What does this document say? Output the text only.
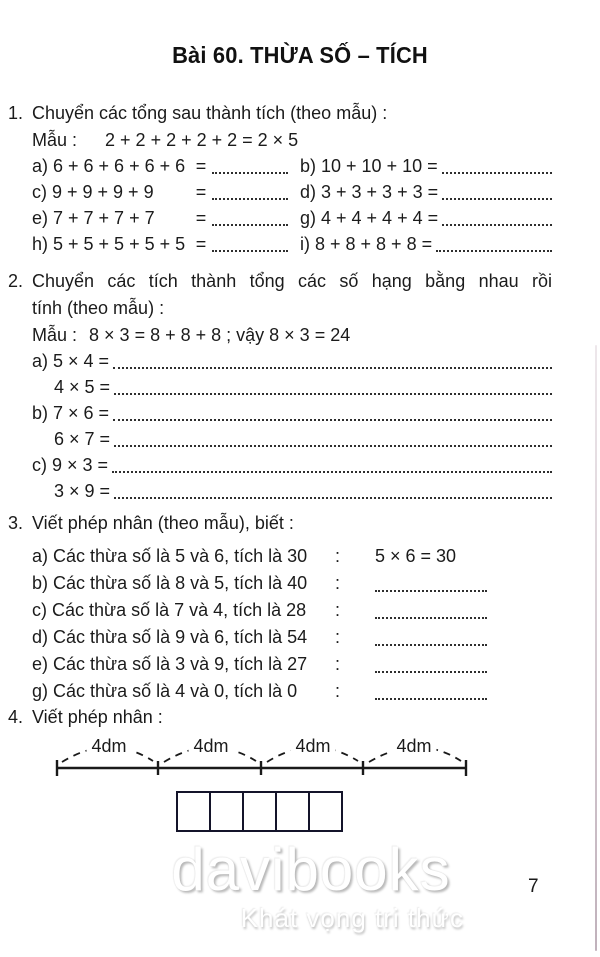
Bài 60. THỪA SỐ – TÍCH
1. Chuyển các tổng sau thành tích (theo mẫu) :
Mẫu : 2 + 2 + 2 + 2 + 2 = 2 × 5
a) 6 + 6 + 6 + 6 + 6 =	b) 10 + 10 + 10 =
c) 9 + 9 + 9 + 9	=	d) 3 + 3 + 3 + 3 =
e) 7 + 7 + 7 + 7	=	g) 4 + 4 + 4 + 4 =
h) 5 + 5 + 5 + 5 + 5 =	i) 8 + 8 + 8 + 8 =
2. Chuyển các tích thành tổng các số hạng bằng nhau rồi
tính (theo mẫu) :
Mẫu : 8 × 3 = 8 + 8 + 8 ; vậy 8 × 3 = 24
a) 5 × 4 =
4 × 5 =
b) 7 × 6 =
6 × 7 =
c) 9 × 3 =
3 × 9 =
3. Viết phép nhân (theo mẫu), biết :
a) Các thừa số là 5 và 6, tích là 30	:	5 × 6 = 30
b) Các thừa số là 8 và 5, tích là 40	:
c) Các thừa số là 7 và 4, tích là 28	:
d) Các thừa số là 9 và 6, tích là 54	:
e) Các thừa số là 3 và 9, tích là 27	:
g) Các thừa số là 4 và 0, tích là 0	:
4. Viết phép nhân :
4dm	4dm	4dm	4dm
davibooks
Khát vọng tri thức
7
